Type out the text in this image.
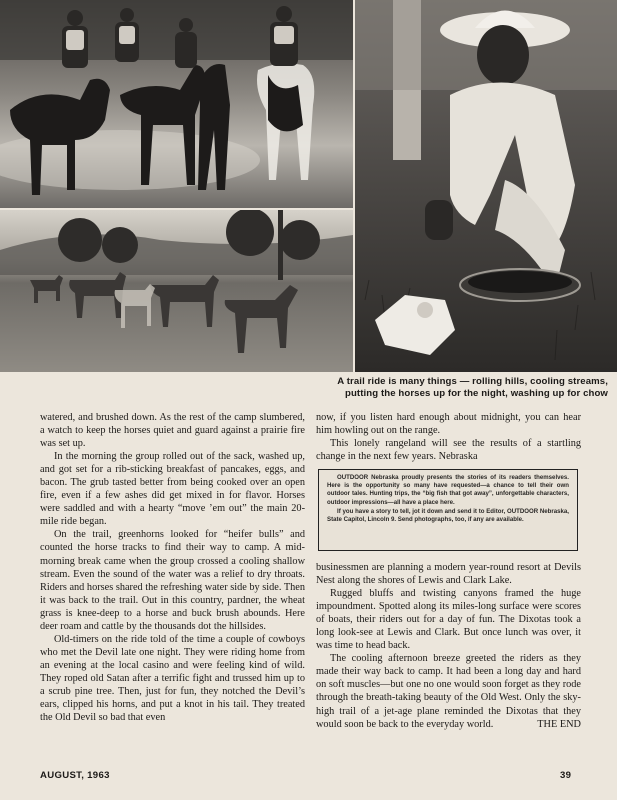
A trail ride is many things — rolling hills, cooling streams, putting the horses up for the night, washing up for chow

watered, and brushed down. As the rest of the camp slumbered, a watch to keep the horses quiet and guard against a prairie fire was set up.

In the morning the group rolled out of the sack, washed up, and got set for a rib-sticking breakfast of pancakes, eggs, and bacon. The grub tasted better from being cooked over an open fire, even if a few ashes did get mixed in for flavor. Horses were saddled and with a hearty “move ’em out” the main 20-mile ride began.

On the trail, greenhorns looked for “heifer bulls” and counted the horse tracks to find their way to camp. A mid-morning break came when the group crossed a cooling shallow stream. Even the sound of the water was a relief to dry throats. Riders and horses shared the refreshing water side by side. Then it was back to the trail. Out in this country, pardner, the wheat grass is knee-deep to a horse and buck brush abounds. Here deer roam and cattle by the thousands dot the hillsides.

Old-timers on the ride told of the time a couple of cowboys who met the Devil late one night. They were riding home from an evening at the local casino and were feeling kind of wild. They roped old Satan after a terrific fight and trussed him up to a scrub pine tree. Then, just for fun, they notched the Devil’s ears, clipped his horns, and put a knot in his tail. They treated the Old Devil so bad that even

now, if you listen hard enough about midnight, you can hear him howling out on the range.

This lonely rangeland will see the results of a startling change in the next few years. Nebraska

OUTDOOR Nebraska proudly presents the stories of its readers themselves. Here is the opportunity so many have requested—a chance to tell their own outdoor tales. Hunting trips, the “big fish that got away”, unforgettable characters, outdoor impressions—all have a place here.

If you have a story to tell, jot it down and send it to Editor, OUTDOOR Nebraska, State Capitol, Lincoln 9. Send photographs, too, if any are available.

businessmen are planning a modern year-round resort at Devils Nest along the shores of Lewis and Clark Lake.

Rugged bluffs and twisting canyons framed the huge impoundment. Spotted along its miles-long surface were scores of boats, their riders out for a day of fun. The Dixotas took a long look-see at Lewis and Clark. But once lunch was over, it was time to head back.

The cooling afternoon breeze greeted the riders as they made their way back to camp. It had been a long day and hard on soft muscles—but one no one would soon forget as they rode through the breath-taking beauty of the Old West. Only the sky-high trail of a jet-age plane reminded the Dixotas that they would soon be back to the everyday world.	THE END

AUGUST, 1963	39
